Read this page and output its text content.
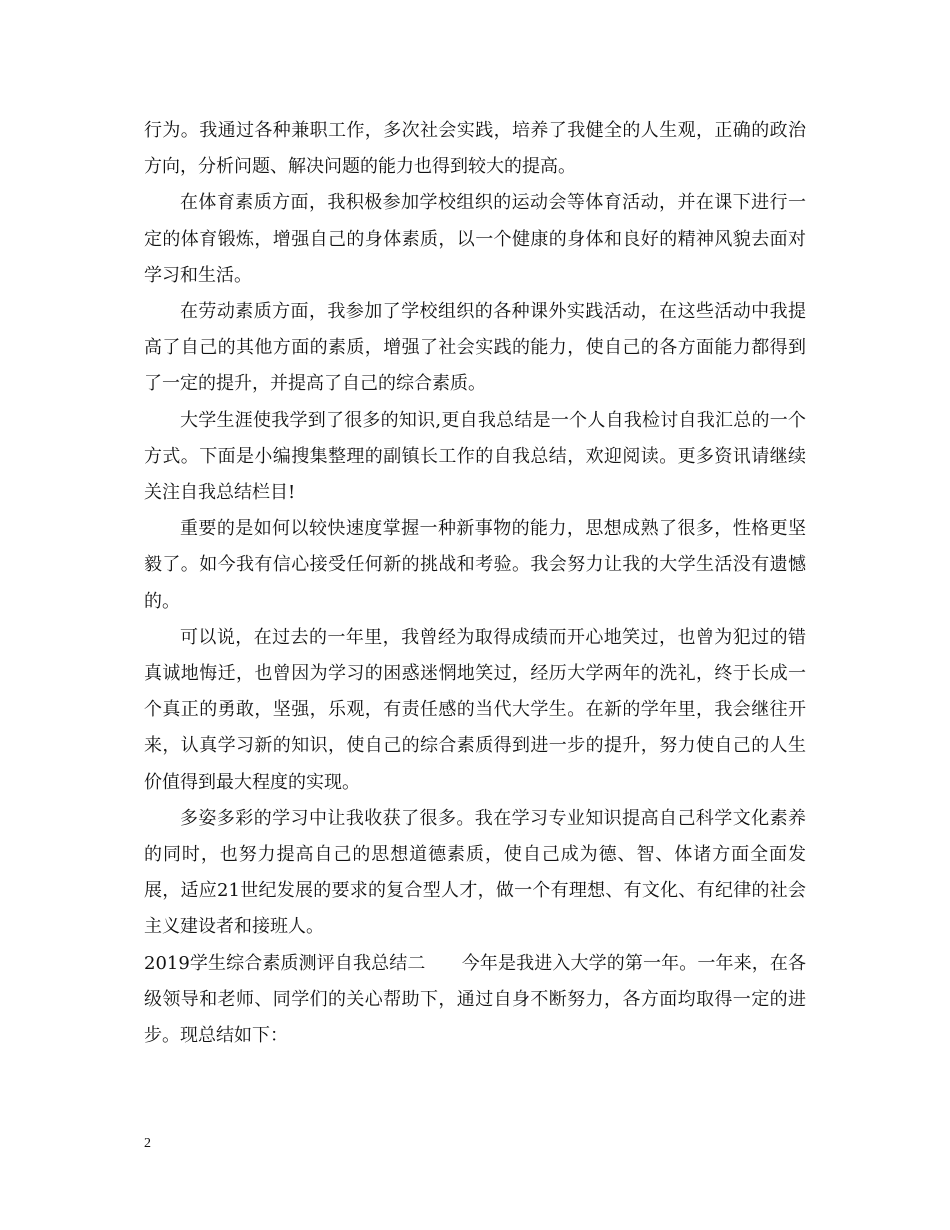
行为。我通过各种兼职工作，多次社会实践，培养了我健全的人生观，正确的政治方向，分析问题、解决问题的能力也得到较大的提高。

在体育素质方面，我积极参加学校组织的运动会等体育活动，并在课下进行一定的体育锻炼，增强自己的身体素质，以一个健康的身体和良好的精神风貌去面对学习和生活。

在劳动素质方面，我参加了学校组织的各种课外实践活动，在这些活动中我提高了自己的其他方面的素质，增强了社会实践的能力，使自己的各方面能力都得到了一定的提升，并提高了自己的综合素质。

大学生涯使我学到了很多的知识,更自我总结是一个人自我检讨自我汇总的一个方式。下面是小编搜集整理的副镇长工作的自我总结，欢迎阅读。更多资讯请继续关注自我总结栏目!

重要的是如何以较快速度掌握一种新事物的能力，思想成熟了很多，性格更坚毅了。如今我有信心接受任何新的挑战和考验。我会努力让我的大学生活没有遗憾的。

可以说，在过去的一年里，我曾经为取得成绩而开心地笑过，也曾为犯过的错真诚地悔迁，也曾因为学习的困惑迷惘地笑过，经历大学两年的洗礼，终于长成一个真正的勇敢，坚强，乐观，有责任感的当代大学生。在新的学年里，我会继往开来，认真学习新的知识，使自己的综合素质得到进一步的提升，努力使自己的人生价值得到最大程度的实现。

多姿多彩的学习中让我收获了很多。我在学习专业知识提高自己科学文化素养的同时，也努力提高自己的思想道德素质，使自己成为德、智、体诸方面全面发展，适应21世纪发展的要求的复合型人才，做一个有理想、有文化、有纪律的社会主义建设者和接班人。

2019学生综合素质测评自我总结二　　今年是我进入大学的第一年。一年来，在各级领导和老师、同学们的关心帮助下，通过自身不断努力，各方面均取得一定的进步。现总结如下：

2
